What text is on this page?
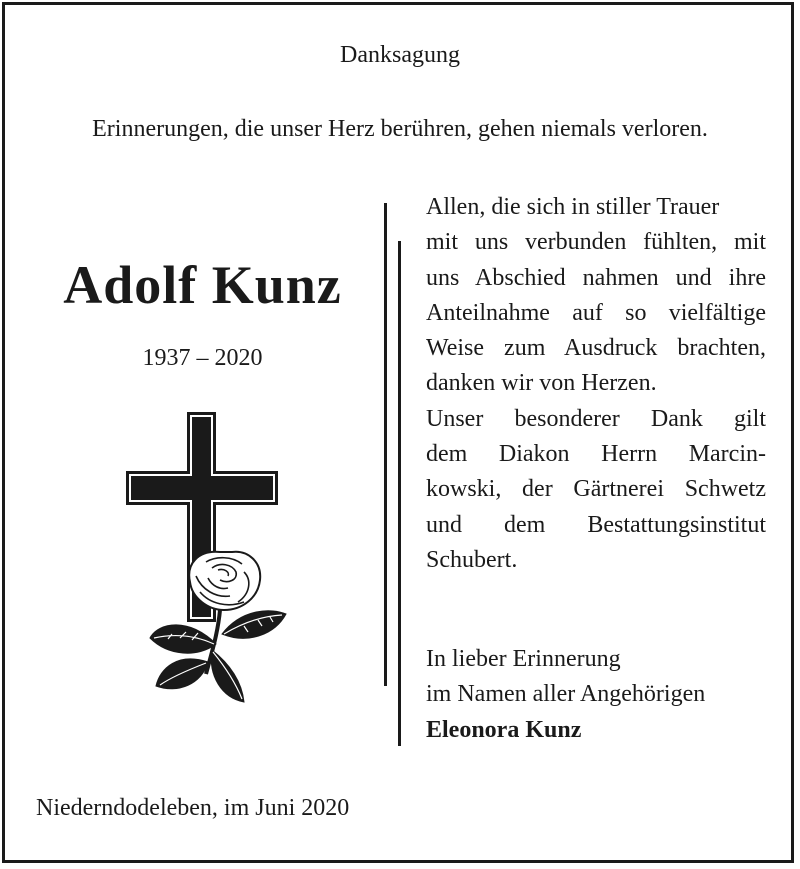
Danksagung
Erinnerungen, die unser Herz berühren, gehen niemals verloren.
Adolf Kunz
1937 – 2020
Allen, die sich in stiller Trauer
mit uns verbunden fühlten, mit
uns Abschied nahmen und ihre
Anteilnahme auf so vielfältige
Weise zum Ausdruck brachten,
danken wir von Herzen.
Unser besonderer Dank gilt
dem Diakon Herrn Marcin-
kowski, der Gärtnerei Schwetz
und dem Bestattungsinstitut
Schubert.
In lieber Erinnerung
im Namen aller Angehörigen
Eleonora Kunz
Niederndodeleben, im Juni 2020
